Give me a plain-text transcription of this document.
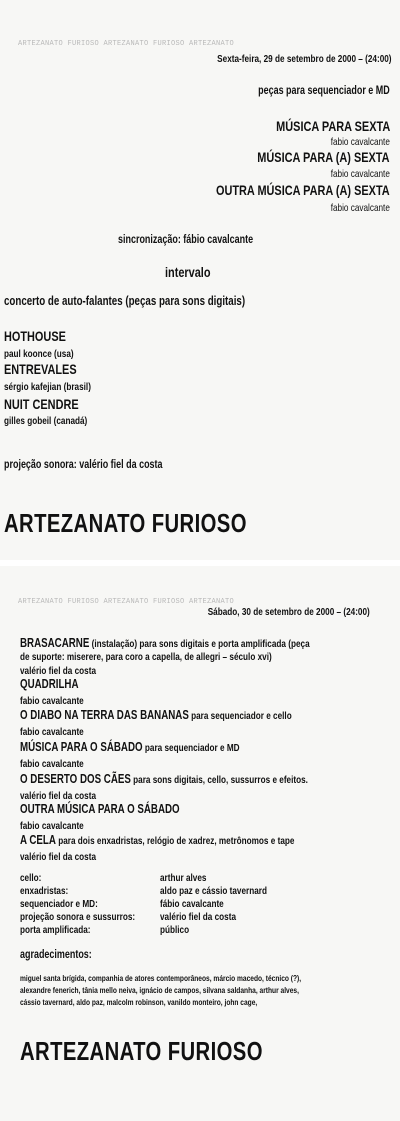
ARTEZANATO FURIOSO ARTEZANATO FURIOSO ARTEZANATO
Sexta-feira, 29 de setembro de 2000 – (24:00)
peças para sequenciador e MD
MÚSICA PARA SEXTA
fabio cavalcante
MÚSICA PARA (A) SEXTA
fabio cavalcante
OUTRA MÚSICA PARA (A) SEXTA
fabio cavalcante
sincronização: fábio cavalcante
intervalo
concerto de auto-falantes (peças para sons digitais)
HOTHOUSE
paul koonce (usa)
ENTREVALES
sérgio kafejian (brasil)
NUIT CENDRE
gilles gobeil (canadá)
projeção sonora: valério fiel da costa
ARTEZANATO FURIOSO
ARTEZANATO FURIOSO ARTEZANATO FURIOSO ARTEZANATO
Sábado, 30 de setembro de 2000 – (24:00)
BRASACARNE (instalação) para sons digitais e porta amplificada (peça
de suporte: miserere, para coro a capella, de allegri – século xvi)
valério fiel da costa
QUADRILHA
fabio cavalcante
O DIABO NA TERRA DAS BANANAS para sequenciador e cello
fabio cavalcante
MÚSICA PARA O SÁBADO para sequenciador e MD
fabio cavalcante
O DESERTO DOS CÃES para sons digitais, cello, sussurros e efeitos.
valério fiel da costa
OUTRA MÚSICA PARA O SÁBADO
fabio cavalcante
A CELA para dois enxadristas, relógio de xadrez, metrônomos e tape
valério fiel da costa
cello:	arthur alves
enxadristas:	aldo paz e cássio tavernard
sequenciador e MD:	fábio cavalcante
projeção sonora e sussurros:	valério fiel da costa
porta amplificada:	público
agradecimentos:
miguel santa brígida, companhia de atores contemporâneos, márcio macedo, técnico (?),
alexandre fenerich, tânia mello neiva, ignácio de campos, silvana saldanha, arthur alves,
cássio tavernard, aldo paz, malcolm robinson, vanildo monteiro, john cage,
ARTEZANATO FURIOSO
